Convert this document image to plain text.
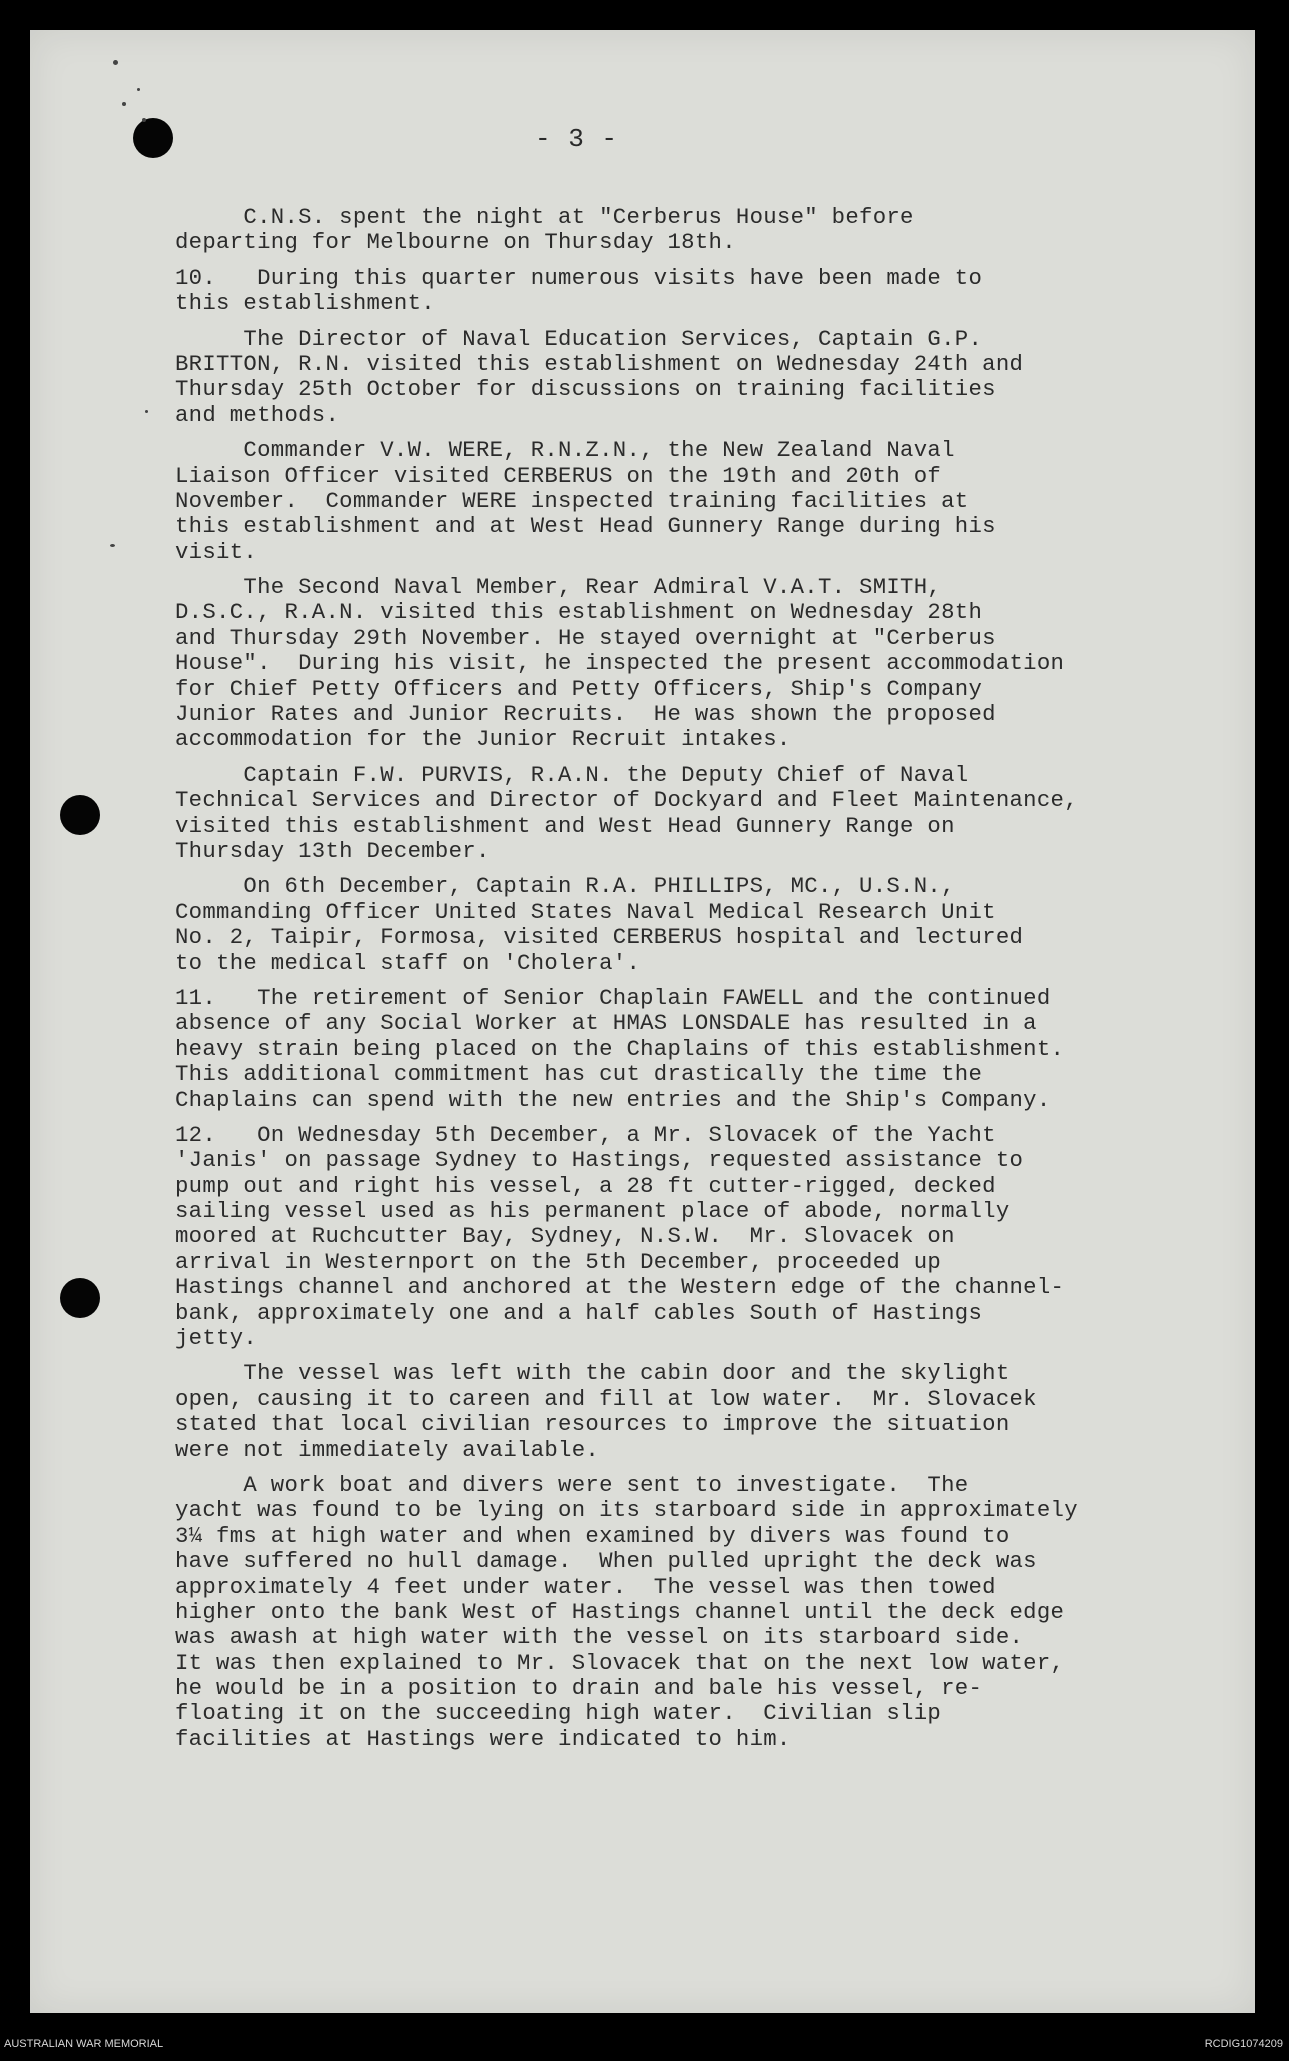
- 3 -
C.N.S. spent the night at "Cerberus House" before
departing for Melbourne on Thursday 18th.
10.   During this quarter numerous visits have been made to
this establishment.
The Director of Naval Education Services, Captain G.P.
BRITTON, R.N. visited this establishment on Wednesday 24th and
Thursday 25th October for discussions on training facilities
and methods.
Commander V.W. WERE, R.N.Z.N., the New Zealand Naval
Liaison Officer visited CERBERUS on the 19th and 20th of
November.  Commander WERE inspected training facilities at
this establishment and at West Head Gunnery Range during his
visit.
The Second Naval Member, Rear Admiral V.A.T. SMITH,
D.S.C., R.A.N. visited this establishment on Wednesday 28th
and Thursday 29th November. He stayed overnight at "Cerberus
House".  During his visit, he inspected the present accommodation
for Chief Petty Officers and Petty Officers, Ship's Company
Junior Rates and Junior Recruits.  He was shown the proposed
accommodation for the Junior Recruit intakes.
Captain F.W. PURVIS, R.A.N. the Deputy Chief of Naval
Technical Services and Director of Dockyard and Fleet Maintenance,
visited this establishment and West Head Gunnery Range on
Thursday 13th December.
On 6th December, Captain R.A. PHILLIPS, MC., U.S.N.,
Commanding Officer United States Naval Medical Research Unit
No. 2, Taipir, Formosa, visited CERBERUS hospital and lectured
to the medical staff on 'Cholera'.
11.   The retirement of Senior Chaplain FAWELL and the continued
absence of any Social Worker at HMAS LONSDALE has resulted in a
heavy strain being placed on the Chaplains of this establishment.
This additional commitment has cut drastically the time the
Chaplains can spend with the new entries and the Ship's Company.
12.   On Wednesday 5th December, a Mr. Slovacek of the Yacht
'Janis' on passage Sydney to Hastings, requested assistance to
pump out and right his vessel, a 28 ft cutter-rigged, decked
sailing vessel used as his permanent place of abode, normally
moored at Ruchcutter Bay, Sydney, N.S.W.  Mr. Slovacek on
arrival in Westernport on the 5th December, proceeded up
Hastings channel and anchored at the Western edge of the channel-
bank, approximately one and a half cables South of Hastings
jetty.
The vessel was left with the cabin door and the skylight
open, causing it to careen and fill at low water.  Mr. Slovacek
stated that local civilian resources to improve the situation
were not immediately available.
A work boat and divers were sent to investigate.  The
yacht was found to be lying on its starboard side in approximately
3¼ fms at high water and when examined by divers was found to
have suffered no hull damage.  When pulled upright the deck was
approximately 4 feet under water.  The vessel was then towed
higher onto the bank West of Hastings channel until the deck edge
was awash at high water with the vessel on its starboard side.
It was then explained to Mr. Slovacek that on the next low water,
he would be in a position to drain and bale his vessel, re-
floating it on the succeeding high water.  Civilian slip
facilities at Hastings were indicated to him.
AUSTRALIAN WAR MEMORIAL	RCDIG1074209
